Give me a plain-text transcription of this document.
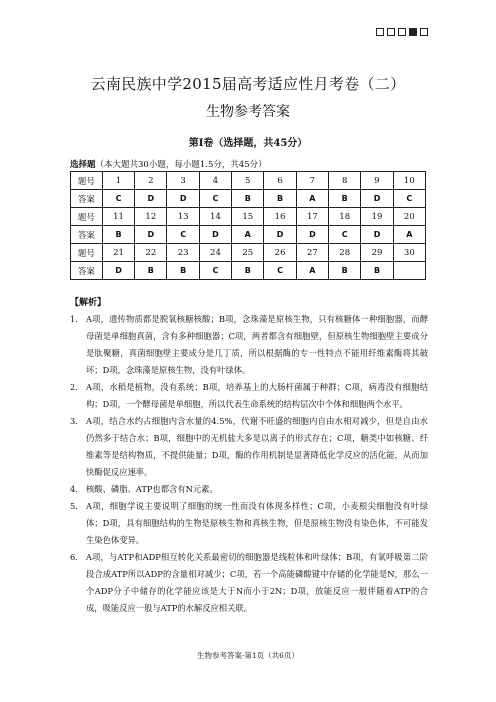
云南民族中学2015届高考适应性月考卷（二）
生物参考答案
第Ⅰ卷（选择题，共45分）
选择题（本大题共30小题，每小题1.5分，共45分）
题号	1	2	3	4	5	6	7	8	9	10
答案	C	D	D	C	B	B	A	B	D	C
题号	11	12	13	14	15	16	17	18	19	20
答案	B	D	C	D	A	D	D	C	D	A
题号	21	22	23	24	25	26	27	28	29	30
答案	D	B	B	C	B	C	A	B	B	
【解析】
1． A项，遗传物质都是脱氧核糖核酸；B项，念珠藻是原核生物，只有核糖体一种细胞器，而酵母菌是单细胞真菌，含有多种细胞器；C项，两者都含有细胞壁，但原核生物细胞壁主要成分是肽聚糖，真菌细胞壁主要成分是几丁质，所以根据酶的专一性特点不能用纤维素酶将其破坏；D项，念珠藻是原核生物，没有叶绿体。
2． A项，水稻是植物，没有系统；B项，培养基上的大肠杆菌属于种群；C项，病毒没有细胞结构；D项，一个酵母菌是单细胞，所以代表生命系统的结构层次中个体和细胞两个水平。
3． A项，结合水约占细胞内含水量的4.5%，代谢不旺盛的细胞内自由水相对减少，但是自由水仍然多于结合水；B项，细胞中的无机盐大多是以离子的形式存在；C项，糖类中如核糖、纤维素等是结构物质，不提供能量；D项，酶的作用机制是显著降低化学反应的活化能，从而加快酶促反应速率。
4． 核酸、磷脂、ATP也都含有N元素。
5． A项，细胞学说主要说明了细胞的统一性而没有体现多样性；C项，小麦根尖细胞没有叶绿体；D项，具有细胞结构的生物是原核生物和真核生物，但是原核生物没有染色体，不可能发生染色体变异。
6． A项，与ATP和ADP相互转化关系最密切的细胞器是线粒体和叶绿体；B项，有氧呼吸第二阶段合成ATP所以ADP的含量相对减少；C项，若一个高能磷酸键中存储的化学能是N，那么一个ADP分子中储存的化学能应该是大于N而小于2N；D项，放能反应一般伴随着ATP的合成，吸能反应一般与ATP的水解反应相关联。
生物参考答案·第1页（共6页）
